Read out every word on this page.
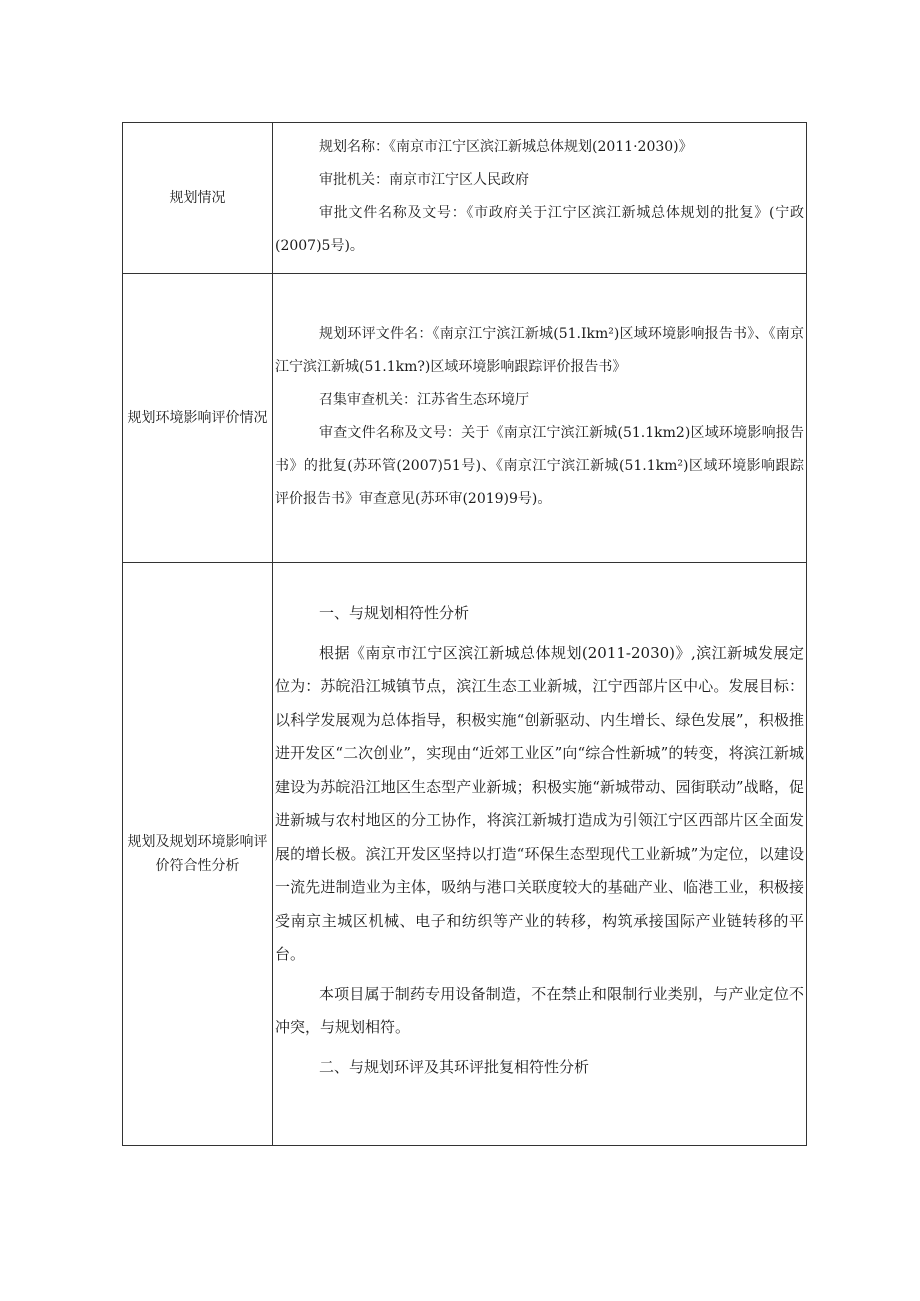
规划情况	规划名称：《南京市江宁区滨江新城总体规划(2011·2030)》

审批机关：南京市江宁区人民政府

审批文件名称及文号：《市政府关于江宁区滨江新城总体规划的批复》(宁政(2007)5号)。

规划环境影响评价情况	规划环评文件名：《南京江宁滨江新城(51.Ikm²)区域环境影响报告书》、《南京江宁滨江新城(51.1km?)区域环境影响跟踪评价报告书》

召集审查机关：江苏省生态环境厅

审查文件名称及文号：关于《南京江宁滨江新城(51.1km2)区域环境影响报告书》的批复(苏环管(2007)51号)、《南京江宁滨江新城(51.1km²)区域环境影响跟踪评价报告书》审查意见(苏环审(2019)9号)。

规划及规划环境影响评价符合性分析	一、与规划相符性分析

根据《南京市江宁区滨江新城总体规划(2011-2030)》,滨江新城发展定位为：苏皖沿江城镇节点，滨江生态工业新城，江宁西部片区中心。发展目标：以科学发展观为总体指导，积极实施“创新驱动、内生增长、绿色发展”，积极推进开发区“二次创业”，实现由“近郊工业区”向“综合性新城”的转变，将滨江新城建设为苏皖沿江地区生态型产业新城；积极实施“新城带动、园街联动”战略，促进新城与农村地区的分工协作，将滨江新城打造成为引领江宁区西部片区全面发展的增长极。滨江开发区坚持以打造“环保生态型现代工业新城”为定位，以建设一流先进制造业为主体，吸纳与港口关联度较大的基础产业、临港工业，积极接受南京主城区机械、电子和纺织等产业的转移，构筑承接国际产业链转移的平台。

本项目属于制药专用设备制造，不在禁止和限制行业类别，与产业定位不冲突，与规划相符。

二、与规划环评及其环评批复相符性分析
